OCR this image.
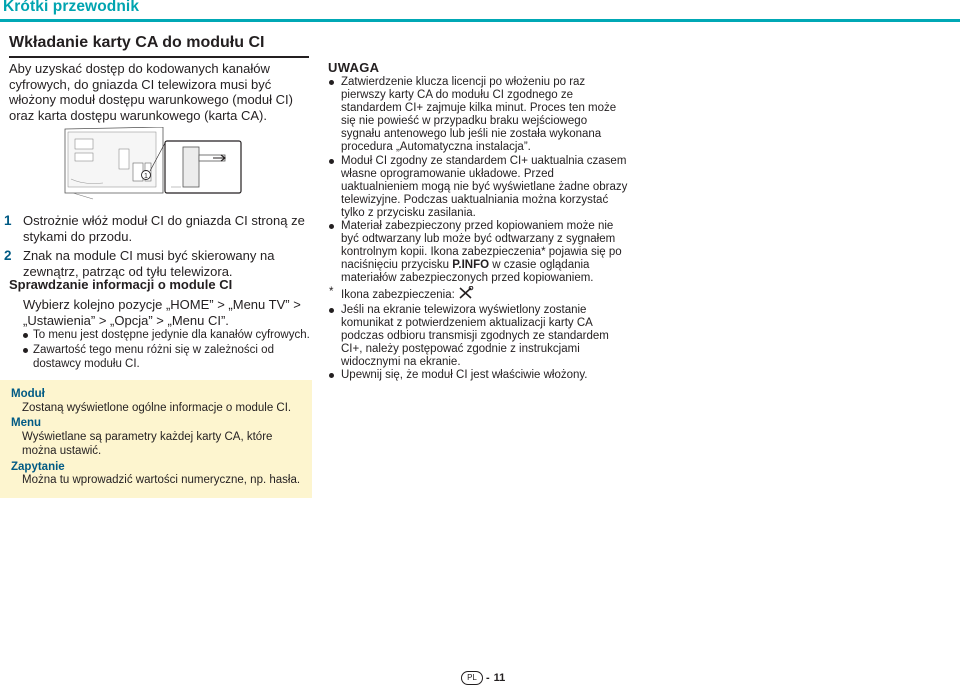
Krótki przewodnik
Wkładanie karty CA do modułu CI
Aby uzyskać dostęp do kodowanych kanałów cyfrowych, do gniazda CI telewizora musi być włożony moduł dostępu warunkowego (moduł CI) oraz karta dostępu warunkowego (karta CA).
1
1 Ostrożnie włóż moduł CI do gniazda CI stroną ze stykami do przodu.
2 Znak na module CI musi być skierowany na zewnątrz, patrząc od tyłu telewizora.
Sprawdzanie informacji o module CI
Wybierz kolejno pozycje „HOME” > „Menu TV” > „Ustawienia” > „Opcja” > „Menu CI”.
To menu jest dostępne jedynie dla kanałów cyfrowych.
Zawartość tego menu różni się w zależności od dostawcy modułu CI.
Moduł
Zostaną wyświetlone ogólne informacje o module CI.
Menu
Wyświetlane są parametry każdej karty CA, które można ustawić.
Zapytanie
Można tu wprowadzić wartości numeryczne, np. hasła.
UWAGA
Zatwierdzenie klucza licencji po włożeniu po raz pierwszy karty CA do modułu CI zgodnego ze standardem CI+ zajmuje kilka minut. Proces ten może się nie powieść w przypadku braku wejściowego sygnału antenowego lub jeśli nie została wykonana procedura „Automatyczna instalacja”.
Moduł CI zgodny ze standardem CI+ uaktualnia czasem własne oprogramowanie układowe. Przed uaktualnieniem mogą nie być wyświetlane żadne obrazy telewizyjne. Podczas uaktualniania można korzystać tylko z przycisku zasilania.
Materiał zabezpieczony przed kopiowaniem może nie być odtwarzany lub może być odtwarzany z sygnałem kontrolnym kopii. Ikona zabezpieczenia* pojawia się po naciśnięciu przycisku P.INFO w czasie oglądania materiałów zabezpieczonych przed kopiowaniem.
* Ikona zabezpieczenia:
Jeśli na ekranie telewizora wyświetlony zostanie komunikat z potwierdzeniem aktualizacji karty CA podczas odbioru transmisji zgodnych ze standardem CI+, należy postępować zgodnie z instrukcjami widocznymi na ekranie.
Upewnij się, że moduł CI jest właściwie włożony.
PL - 11
